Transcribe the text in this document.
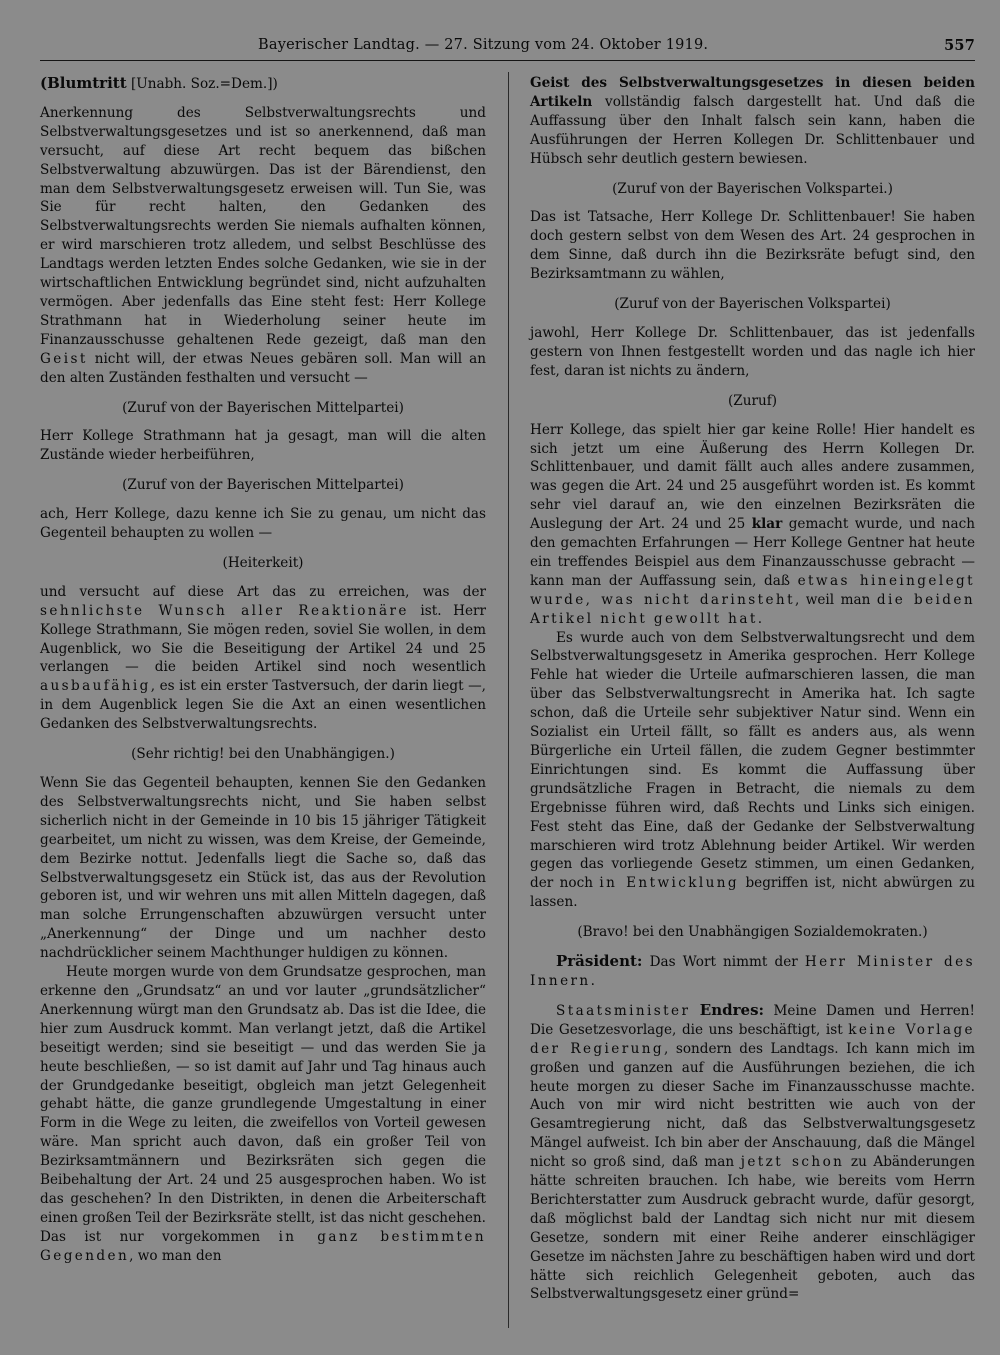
Bayerischer Landtag. — 27. Sitzung vom 24. Oktober 1919.	557

(Blumtritt [Unabh. Soz.=Dem.])

Anerkennung des Selbstverwaltungsrechts und Selbstverwaltungsgesetzes und ist so anerkennend, daß man versucht, auf diese Art recht bequem das bißchen Selbstverwaltung abzuwürgen. Das ist der Bärendienst, den man dem Selbstverwaltungsgesetz erweisen will. Tun Sie, was Sie für recht halten, den Gedanken des Selbstverwaltungsrechts werden Sie niemals aufhalten können, er wird marschieren trotz alledem, und selbst Beschlüsse des Landtags werden letzten Endes solche Gedanken, wie sie in der wirtschaftlichen Entwicklung begründet sind, nicht aufzuhalten vermögen. Aber jedenfalls das Eine steht fest: Herr Kollege Strathmann hat in Wiederholung seiner heute im Finanzausschusse gehaltenen Rede gezeigt, daß man den Geist nicht will, der etwas Neues gebären soll. Man will an den alten Zuständen festhalten und versucht —

(Zuruf von der Bayerischen Mittelpartei)

Herr Kollege Strathmann hat ja gesagt, man will die alten Zustände wieder herbeiführen,

(Zuruf von der Bayerischen Mittelpartei)

ach, Herr Kollege, dazu kenne ich Sie zu genau, um nicht das Gegenteil behaupten zu wollen —

(Heiterkeit)

und versucht auf diese Art das zu erreichen, was der sehnlichste Wunsch aller Reaktionäre ist. Herr Kollege Strathmann, Sie mögen reden, soviel Sie wollen, in dem Augenblick, wo Sie die Beseitigung der Artikel 24 und 25 verlangen — die beiden Artikel sind noch wesentlich ausbaufähig, es ist ein erster Tastversuch, der darin liegt —, in dem Augenblick legen Sie die Axt an einen wesentlichen Gedanken des Selbstverwaltungsrechts.

(Sehr richtig! bei den Unabhängigen.)

Wenn Sie das Gegenteil behaupten, kennen Sie den Gedanken des Selbstverwaltungsrechts nicht, und Sie haben selbst sicherlich nicht in der Gemeinde in 10 bis 15 jähriger Tätigkeit gearbeitet, um nicht zu wissen, was dem Kreise, der Gemeinde, dem Bezirke nottut. Jedenfalls liegt die Sache so, daß das Selbstverwaltungsgesetz ein Stück ist, das aus der Revolution geboren ist, und wir wehren uns mit allen Mitteln dagegen, daß man solche Errungenschaften abzuwürgen versucht unter „Anerkennung“ der Dinge und um nachher desto nachdrücklicher seinem Machthunger huldigen zu können.

Heute morgen wurde von dem Grundsatze gesprochen, man erkenne den „Grundsatz“ an und vor lauter „grundsätzlicher“ Anerkennung würgt man den Grundsatz ab. Das ist die Idee, die hier zum Ausdruck kommt. Man verlangt jetzt, daß die Artikel beseitigt werden; sind sie beseitigt — und das werden Sie ja heute beschließen, — so ist damit auf Jahr und Tag hinaus auch der Grundgedanke beseitigt, obgleich man jetzt Gelegenheit gehabt hätte, die ganze grundlegende Umgestaltung in einer Form in die Wege zu leiten, die zweifellos von Vorteil gewesen wäre. Man spricht auch davon, daß ein großer Teil von Bezirksamtmännern und Bezirksräten sich gegen die Beibehaltung der Art. 24 und 25 ausgesprochen haben. Wo ist das geschehen? In den Distrikten, in denen die Arbeiterschaft einen großen Teil der Bezirksräte stellt, ist das nicht geschehen. Das ist nur vorgekommen in ganz bestimmten Gegenden, wo man den

Geist des Selbstverwaltungsgesetzes in diesen beiden Artikeln vollständig falsch dargestellt hat. Und daß die Auffassung über den Inhalt falsch sein kann, haben die Ausführungen der Herren Kollegen Dr. Schlittenbauer und Hübsch sehr deutlich gestern bewiesen.

(Zuruf von der Bayerischen Volkspartei.)

Das ist Tatsache, Herr Kollege Dr. Schlittenbauer! Sie haben doch gestern selbst von dem Wesen des Art. 24 gesprochen in dem Sinne, daß durch ihn die Bezirksräte befugt sind, den Bezirksamtmann zu wählen,

(Zuruf von der Bayerischen Volkspartei)

jawohl, Herr Kollege Dr. Schlittenbauer, das ist jedenfalls gestern von Ihnen festgestellt worden und das nagle ich hier fest, daran ist nichts zu ändern,

(Zuruf)

Herr Kollege, das spielt hier gar keine Rolle! Hier handelt es sich jetzt um eine Äußerung des Herrn Kollegen Dr. Schlittenbauer, und damit fällt auch alles andere zusammen, was gegen die Art. 24 und 25 ausgeführt worden ist. Es kommt sehr viel darauf an, wie den einzelnen Bezirksräten die Auslegung der Art. 24 und 25 klar gemacht wurde, und nach den gemachten Erfahrungen — Herr Kollege Gentner hat heute ein treffendes Beispiel aus dem Finanzausschusse gebracht — kann man der Auffassung sein, daß etwas hineingelegt wurde, was nicht darinsteht, weil man die beiden Artikel nicht gewollt hat.

Es wurde auch von dem Selbstverwaltungsrecht und dem Selbstverwaltungsgesetz in Amerika gesprochen. Herr Kollege Fehle hat wieder die Urteile aufmarschieren lassen, die man über das Selbstverwaltungsrecht in Amerika hat. Ich sagte schon, daß die Urteile sehr subjektiver Natur sind. Wenn ein Sozialist ein Urteil fällt, so fällt es anders aus, als wenn Bürgerliche ein Urteil fällen, die zudem Gegner bestimmter Einrichtungen sind. Es kommt die Auffassung über grundsätzliche Fragen in Betracht, die niemals zu dem Ergebnisse führen wird, daß Rechts und Links sich einigen. Fest steht das Eine, daß der Gedanke der Selbstverwaltung marschieren wird trotz Ablehnung beider Artikel. Wir werden gegen das vorliegende Gesetz stimmen, um einen Gedanken, der noch in Entwicklung begriffen ist, nicht abwürgen zu lassen.

(Bravo! bei den Unabhängigen Sozialdemokraten.)

Präsident: Das Wort nimmt der Herr Minister des Innern.

Staatsminister Endres: Meine Damen und Herren! Die Gesetzesvorlage, die uns beschäftigt, ist keine Vorlage der Regierung, sondern des Landtags. Ich kann mich im großen und ganzen auf die Ausführungen beziehen, die ich heute morgen zu dieser Sache im Finanzausschusse machte. Auch von mir wird nicht bestritten wie auch von der Gesamtregierung nicht, daß das Selbstverwaltungsgesetz Mängel aufweist. Ich bin aber der Anschauung, daß die Mängel nicht so groß sind, daß man jetzt schon zu Abänderungen hätte schreiten brauchen. Ich habe, wie bereits vom Herrn Berichterstatter zum Ausdruck gebracht wurde, dafür gesorgt, daß möglichst bald der Landtag sich nicht nur mit diesem Gesetze, sondern mit einer Reihe anderer einschlägiger Gesetze im nächsten Jahre zu beschäftigen haben wird und dort hätte sich reichlich Gelegenheit geboten, auch das Selbstverwaltungsgesetz einer gründ=
